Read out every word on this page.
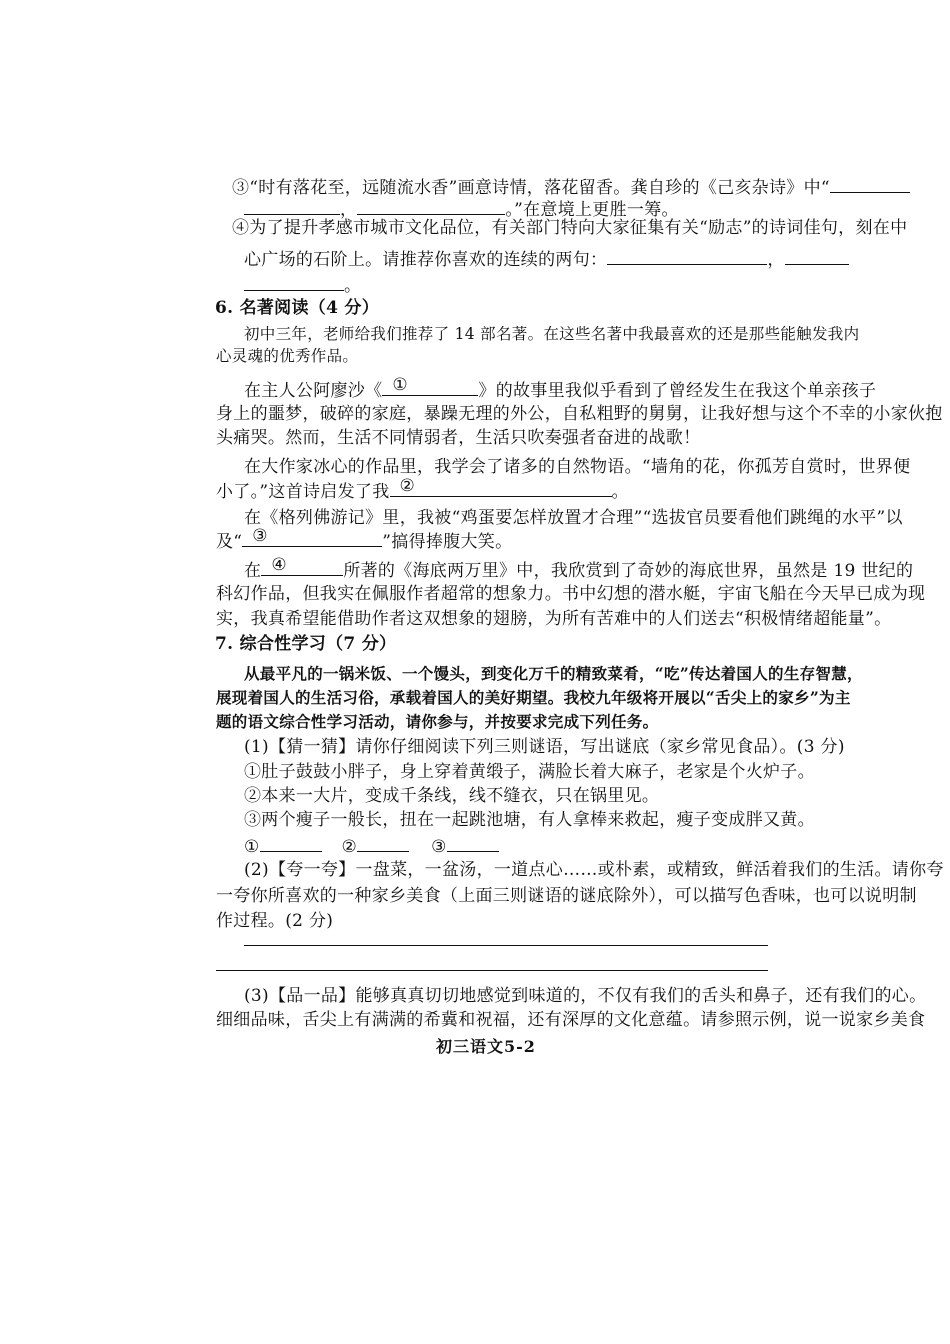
③“时有落花至，远随流水香”画意诗情，落花留香。龚自珍的《己亥杂诗》中“
，	。”在意境上更胜一筹。
④为了提升孝感市城市文化品位，有关部门特向大家征集有关“励志”的诗词佳句，刻在中
心广场的石阶上。请推荐你喜欢的连续的两句：	，
。
6. 名著阅读（4 分）
初中三年，老师给我们推荐了 14 部名著。在这些名著中我最喜欢的还是那些能触发我内
心灵魂的优秀作品。
在主人公阿廖沙《 ①	》的故事里我似乎看到了曾经发生在我这个单亲孩子
身上的噩梦，破碎的家庭，暴躁无理的外公，自私粗野的舅舅，让我好想与这个不幸的小家伙抱
头痛哭。然而，生活不同情弱者，生活只吹奏强者奋进的战歌！
在大作家冰心的作品里，我学会了诸多的自然物语。“墙角的花，你孤芳自赏时，世界便
小了。”这首诗启发了我 ②	。
在《格列佛游记》里，我被“鸡蛋要怎样放置才合理”“选拔官员要看他们跳绳的水平”以
及“ ③	”搞得捧腹大笑。
在 ④	所著的《海底两万里》中，我欣赏到了奇妙的海底世界，虽然是 19 世纪的
科幻作品，但我实在佩服作者超常的想象力。书中幻想的潜水艇，宇宙飞船在今天早已成为现
实，我真希望能借助作者这双想象的翅膀，为所有苦难中的人们送去“积极情绪超能量”。
7. 综合性学习（7 分）
从最平凡的一锅米饭、一个馒头，到变化万千的精致菜肴，“吃”传达着国人的生存智慧，
展现着国人的生活习俗，承载着国人的美好期望。我校九年级将开展以“舌尖上的家乡”为主
题的语文综合性学习活动，请你参与，并按要求完成下列任务。
(1)【猜一猜】请你仔细阅读下列三则谜语，写出谜底（家乡常见食品）。(3 分)
①肚子鼓鼓小胖子，身上穿着黄缎子，满脸长着大麻子，老家是个火炉子。
②本来一大片，变成千条线，线不缝衣，只在锅里见。
③两个瘦子一般长，扭在一起跳池塘，有人拿棒来救起，瘦子变成胖又黄。
①	②	③
(2)【夸一夸】一盘菜，一盆汤，一道点心……或朴素，或精致，鲜活着我们的生活。请你夸
一夸你所喜欢的一种家乡美食（上面三则谜语的谜底除外），可以描写色香味，也可以说明制
作过程。(2 分)
(3)【品一品】能够真真切切地感觉到味道的，不仅有我们的舌头和鼻子，还有我们的心。
细细品味，舌尖上有满满的希冀和祝福，还有深厚的文化意蕴。请参照示例，说一说家乡美食
初三语文5-2
